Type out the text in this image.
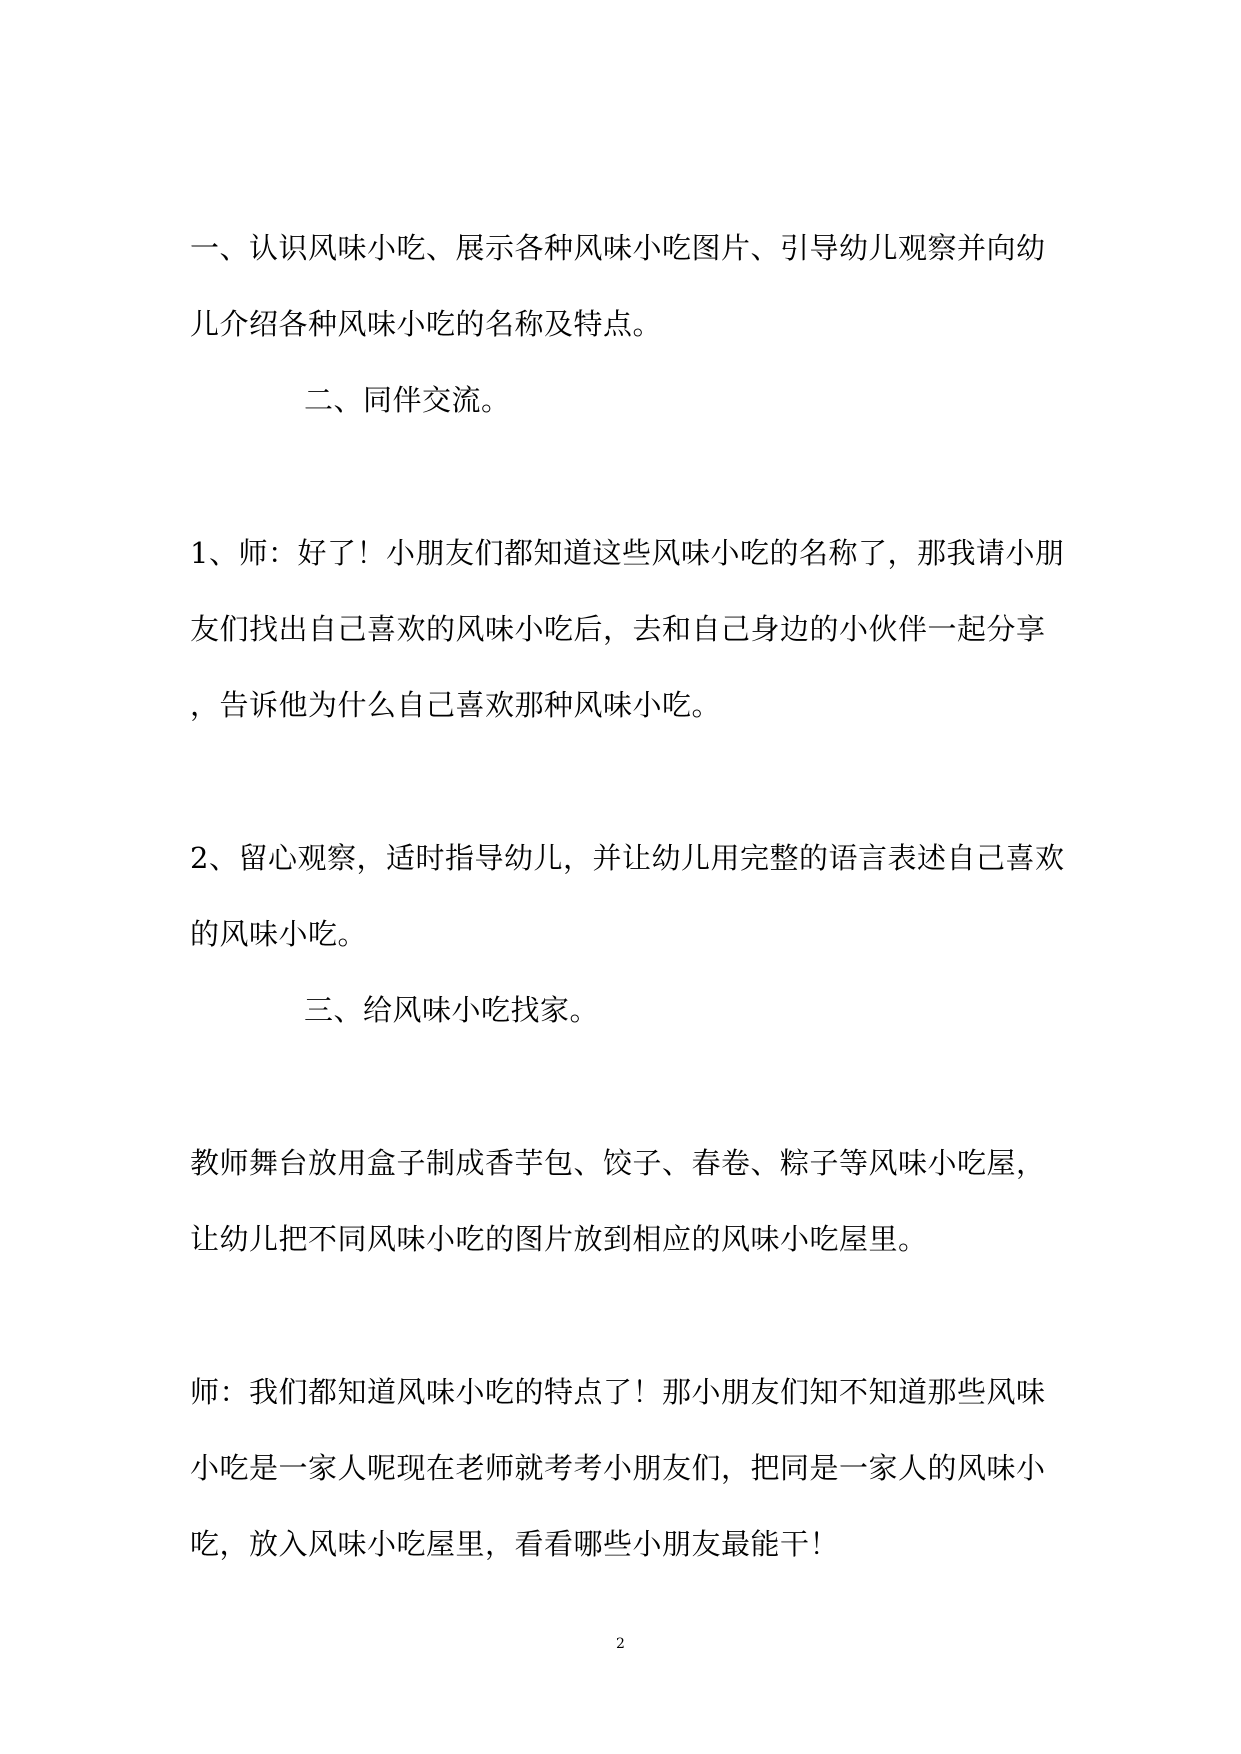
一、认识风味小吃、展示各种风味小吃图片、引导幼儿观察并向幼
儿介绍各种风味小吃的名称及特点。
二、同伴交流。
1、师：好了！小朋友们都知道这些风味小吃的名称了，那我请小朋
友们找出自己喜欢的风味小吃后，去和自己身边的小伙伴一起分享
，告诉他为什么自己喜欢那种风味小吃。
2、留心观察，适时指导幼儿，并让幼儿用完整的语言表述自己喜欢
的风味小吃。
三、给风味小吃找家。
教师舞台放用盒子制成香芋包、饺子、春卷、粽子等风味小吃屋，
让幼儿把不同风味小吃的图片放到相应的风味小吃屋里。
师：我们都知道风味小吃的特点了！那小朋友们知不知道那些风味
小吃是一家人呢现在老师就考考小朋友们，把同是一家人的风味小
吃，放入风味小吃屋里，看看哪些小朋友最能干！
2
